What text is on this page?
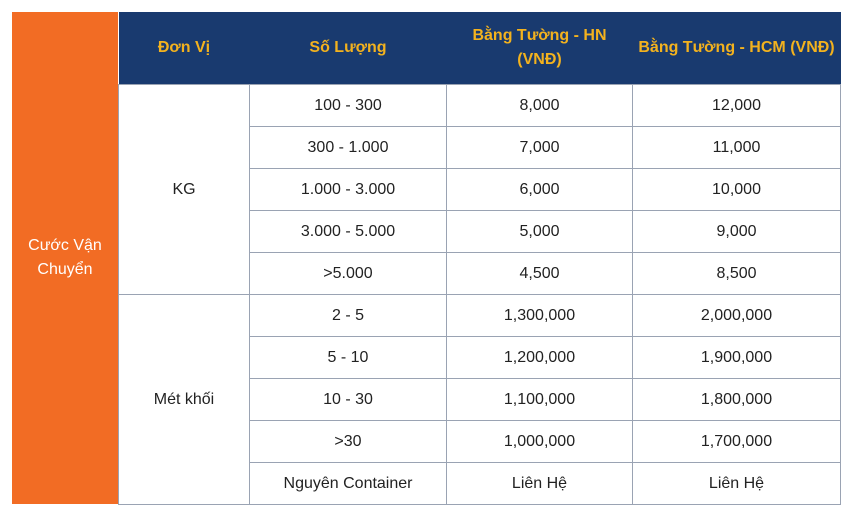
Cước Vận Chuyển
Đơn Vị	Số Lượng	Bằng Tường - HN (VNĐ)	Bằng Tường - HCM (VNĐ)
KG	100 - 300	8,000	12,000
	300 - 1.000	7,000	11,000
	1.000 - 3.000	6,000	10,000
	3.000 - 5.000	5,000	9,000
	>5.000	4,500	8,500
Mét khối	2 - 5	1,300,000	2,000,000
	5 - 10	1,200,000	1,900,000
	10 - 30	1,100,000	1,800,000
	>30	1,000,000	1,700,000
	Nguyên Container	Liên Hệ	Liên Hệ
